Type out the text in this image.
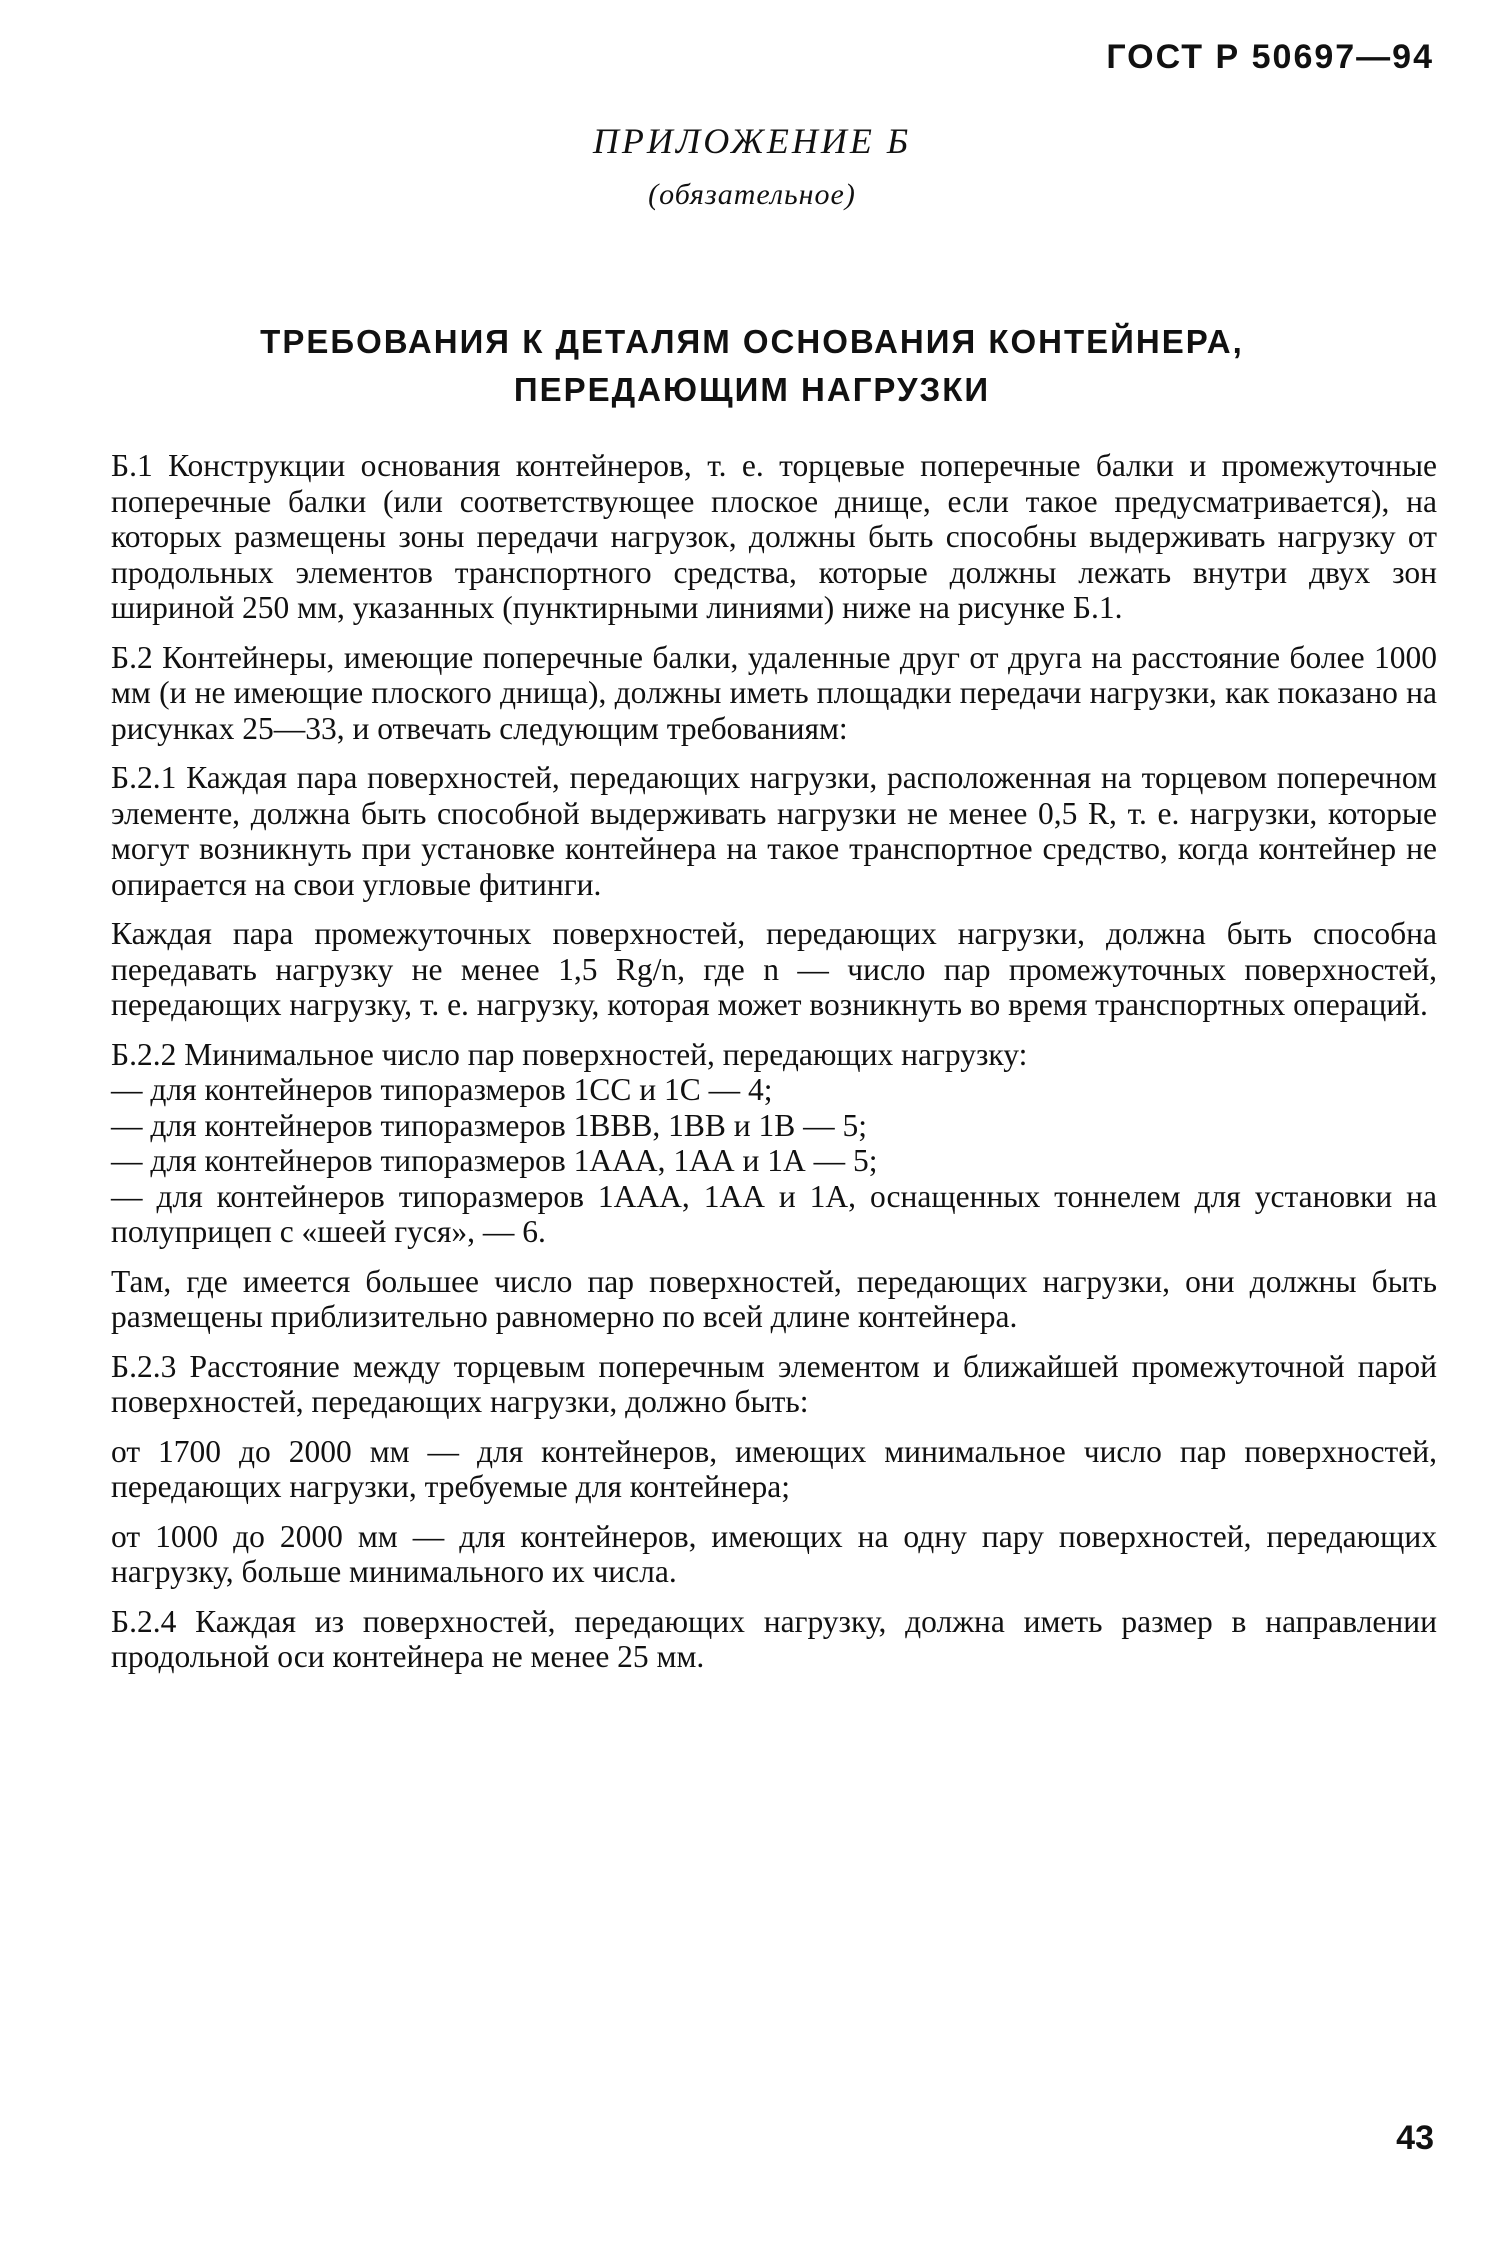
ГОСТ Р 50697—94
ПРИЛОЖЕНИЕ Б
(обязательное)
ТРЕБОВАНИЯ К ДЕТАЛЯМ ОСНОВАНИЯ КОНТЕЙНЕРА,
ПЕРЕДАЮЩИМ НАГРУЗКИ

Б.1 Конструкции основания контейнеров, т. е. торцевые поперечные балки и промежуточные поперечные балки (или соответствующее плоское днище, если такое предусматривается), на которых размещены зоны передачи нагрузок, должны быть способны выдерживать нагрузку от продольных элементов транспортного средства, которые должны лежать внутри двух зон шириной 250 мм, указанных (пунктирными линиями) ниже на рисунке Б.1.

Б.2 Контейнеры, имеющие поперечные балки, удаленные друг от друга на расстояние более 1000 мм (и не имеющие плоского днища), должны иметь площадки передачи нагрузки, как показано на рисунках 25—33, и отвечать следующим требованиям:

Б.2.1 Каждая пара поверхностей, передающих нагрузки, расположенная на торцевом поперечном элементе, должна быть способной выдерживать нагрузки не менее 0,5 R, т. е. нагрузки, которые могут возникнуть при установке контейнера на такое транспортное средство, когда контейнер не опирается на свои угловые фитинги.

Каждая пара промежуточных поверхностей, передающих нагрузки, должна быть способна передавать нагрузку не менее 1,5 Rg/n, где n — число пар промежуточных поверхностей, передающих нагрузку, т. е. нагрузку, которая может возникнуть во время транспортных операций.

Б.2.2 Минимальное число пар поверхностей, передающих нагрузку:

— для контейнеров типоразмеров 1СС и 1С — 4;

— для контейнеров типоразмеров 1ВВВ, 1ВВ и 1В — 5;

— для контейнеров типоразмеров 1ААА, 1АА и 1А — 5;

— для контейнеров типоразмеров 1ААА, 1АА и 1А, оснащенных тоннелем для установки на полуприцеп с «шеей гуся», — 6.

Там, где имеется большее число пар поверхностей, передающих нагрузки, они должны быть размещены приблизительно равномерно по всей длине контейнера.

Б.2.3 Расстояние между торцевым поперечным элементом и ближайшей промежуточной парой поверхностей, передающих нагрузки, должно быть:

от 1700 до 2000 мм — для контейнеров, имеющих минимальное число пар поверхностей, передающих нагрузки, требуемые для контейнера;

от 1000 до 2000 мм — для контейнеров, имеющих на одну пару поверхностей, передающих нагрузку, больше минимального их числа.

Б.2.4 Каждая из поверхностей, передающих нагрузку, должна иметь размер в направлении продольной оси контейнера не менее 25 мм.

43
